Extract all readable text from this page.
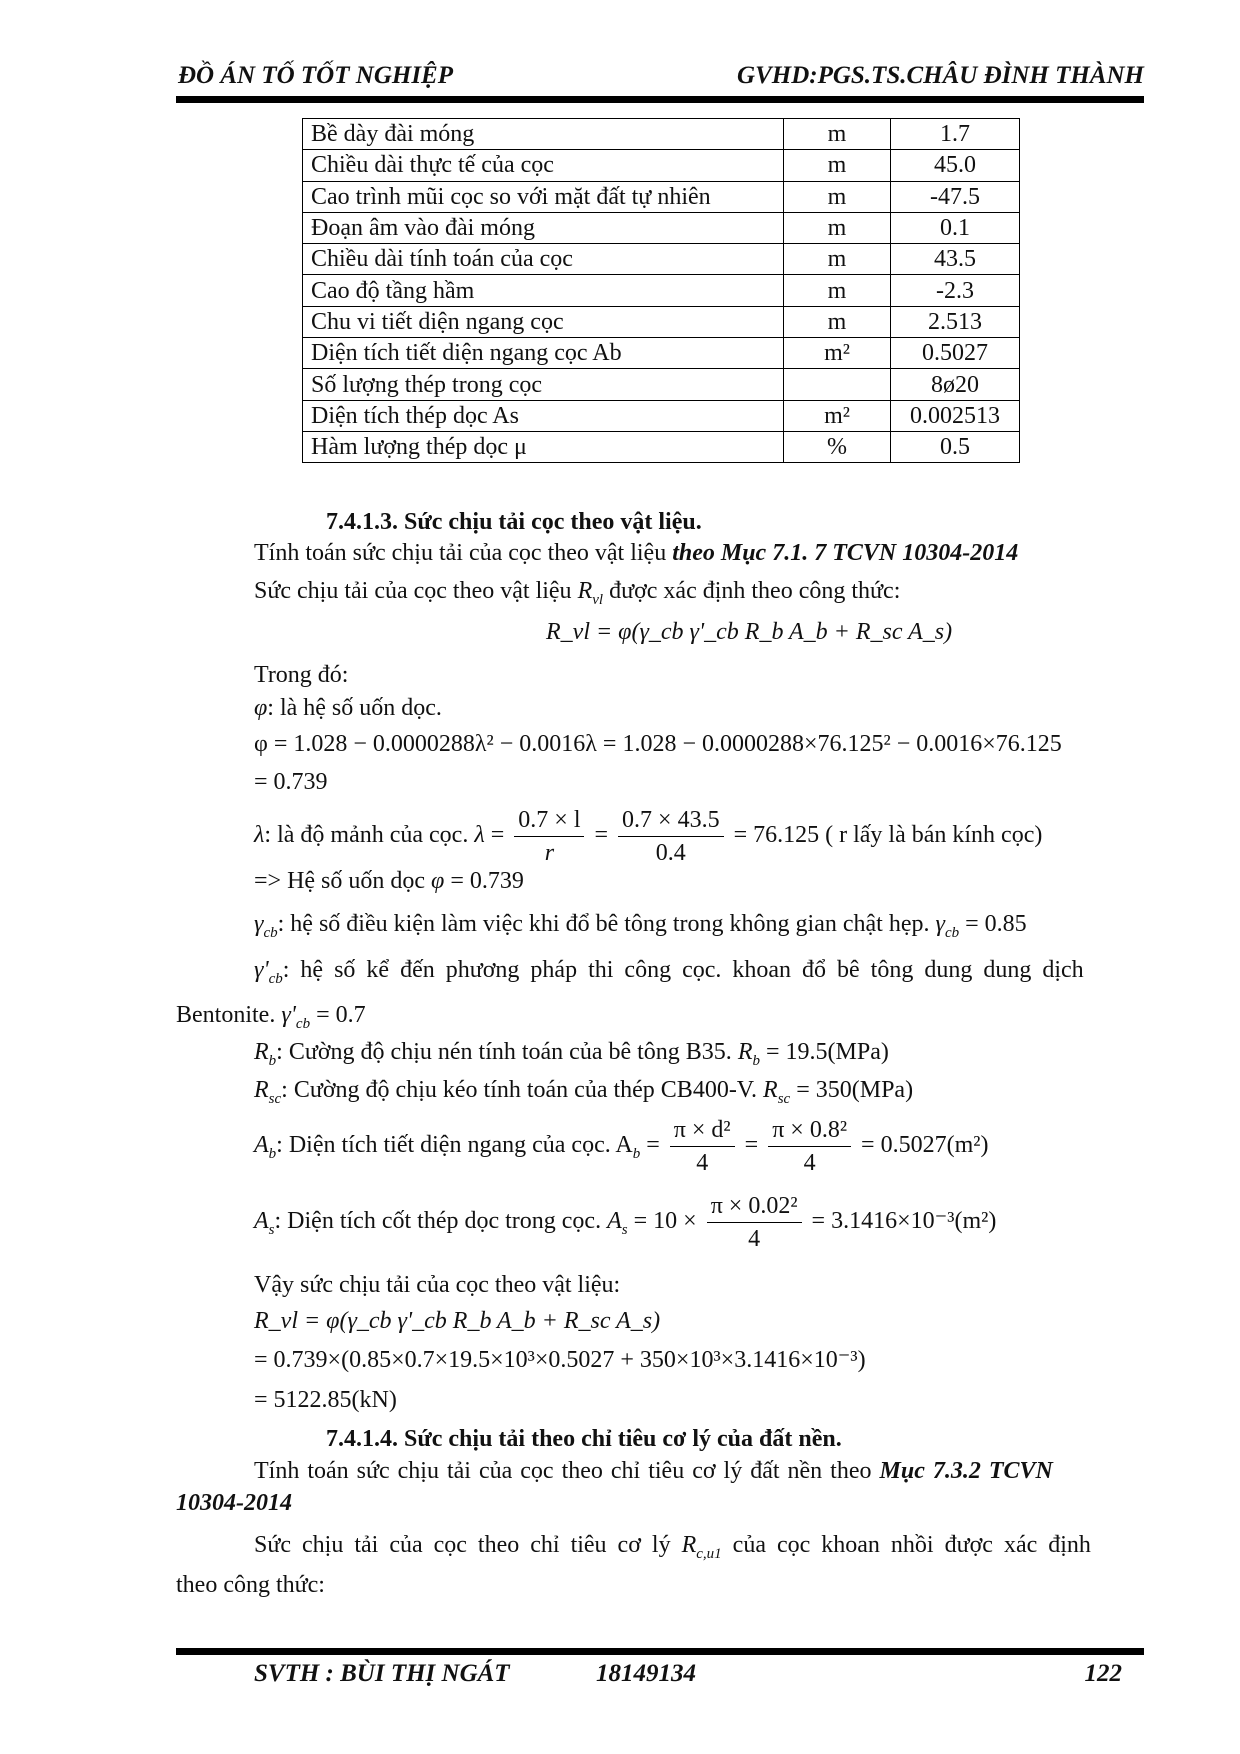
ĐỒ ÁN TỐ TỐT NGHIỆP	GVHD:PGS.TS.CHÂU ĐÌNH THÀNH
Bề dày đài móng	m	1.7
Chiều dài thực tế của cọc	m	45.0
Cao trình mũi cọc so với mặt đất tự nhiên	m	-47.5
Đoạn âm vào đài móng	m	0.1
Chiều dài tính toán của cọc	m	43.5
Cao độ tầng hầm	m	-2.3
Chu vi tiết diện ngang cọc	m	2.513
Diện tích tiết diện ngang cọc Ab	m²	0.5027
Số lượng thép trong cọc		8ø20
Diện tích thép dọc As	m²	0.002513
Hàm lượng thép dọc μ	%	0.5
7.4.1.3. Sức chịu tải cọc theo vật liệu.
Tính toán sức chịu tải của cọc theo vật liệu theo Mục 7.1. 7 TCVN 10304-2014
Sức chịu tải của cọc theo vật liệu $R_{vl}$ được xác định theo công thức:
R_vl = φ(γ_cb γ'_cb R_b A_b + R_sc A_s)
Trong đó:
φ: là hệ số uốn dọc.
φ = 1.028 − 0.0000288λ² − 0.0016λ = 1.028 − 0.0000288×76.125² − 0.0016×76.125
= 0.739
λ: là độ mảnh của cọc. $\lambda = \frac{0.7 \times l}{r} = \frac{0.7 \times 43.5}{0.4} = 76.125$ ( r lấy là bán kính cọc)
=> Hệ số uốn dọc φ = 0.739
$\gamma_{cb}$: hệ số điều kiện làm việc khi đổ bê tông trong không gian chật hẹp. $\gamma_{cb} = 0.85$
$\gamma'_{cb}$: hệ số kể đến phương pháp thi công cọc. khoan đổ bê tông dung dung dịch
Bentonite. $\gamma'_{cb} = 0.7$
$R_b$: Cường độ chịu nén tính toán của bê tông B35. $R_b = 19.5(MPa)$
$R_{sc}$: Cường độ chịu kéo tính toán của thép CB400-V. $R_{sc} = 350(MPa)$
$A_b$: Diện tích tiết diện ngang của cọc. $A_b = \frac{\text{π × d²}}{4} = \frac{\text{π × 0.8²}}{4} = 0.5027(m^2)$
$A_s$: Diện tích cốt thép dọc trong cọc. $A_s = 10 \times \frac{\text{π × 0.02²}}{4} = 3.1416\times 10^{-3}(m^2)$
Vậy sức chịu tải của cọc theo vật liệu:
R_vl = φ(γ_cb γ'_cb R_b A_b + R_sc A_s)
= 0.739×(0.85×0.7×19.5×10³×0.5027 + 350×10³×3.1416×10⁻³)
= 5122.85(kN)
7.4.1.4. Sức chịu tải theo chỉ tiêu cơ lý của đất nền.
Tính toán sức chịu tải của cọc theo chỉ tiêu cơ lý đất nền theo Mục 7.3.2 TCVN
10304-2014
Sức chịu tải của cọc theo chỉ tiêu cơ lý $R_{c,u1}$ của cọc khoan nhồi được xác định
theo công thức:
SVTH : BÙI THỊ NGÁT	18149134	122
